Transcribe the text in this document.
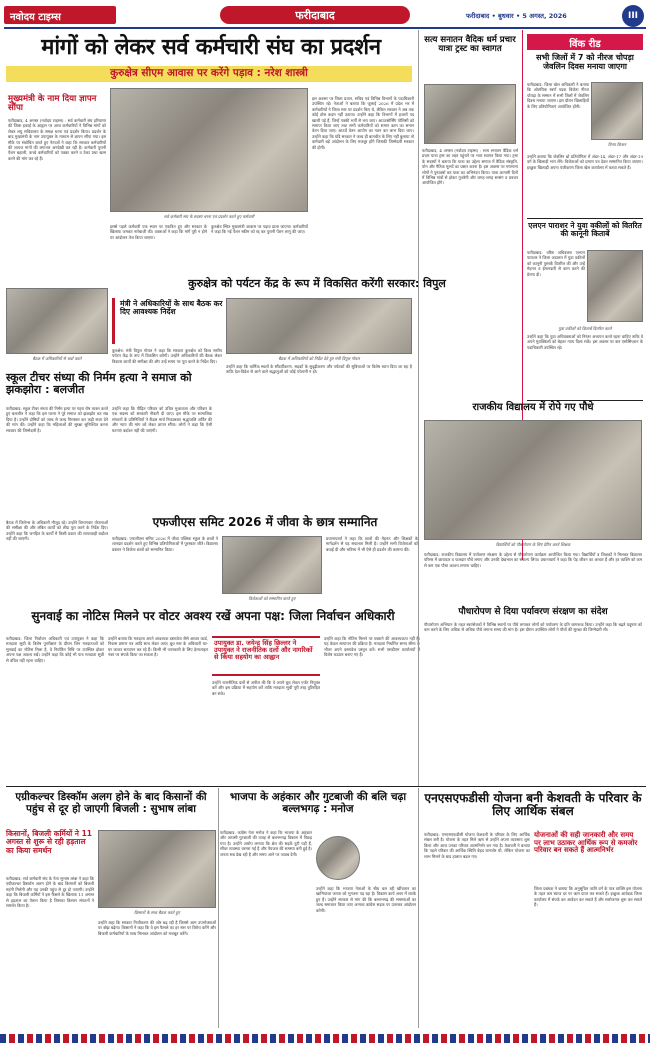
नवोदय टाइम्स	फरीदाबाद	फरीदाबाद • बुधवार • 5 अगस्त, 2026	III
मांगों को लेकर सर्व कर्मचारी संघ का प्रदर्शन
कुरुक्षेत्र सीएम आवास पर करेंगे पड़ाव : नरेश शास्त्री
मुख्यमंत्री के नाम दिया ज्ञापन सौंपा
फरीदाबाद, 4 अगस्त (नवोदय टाइम्स) : सर्व कर्मचारी संघ हरियाणा की जिला इकाई के आह्वान पर आज कर्मचारियों ने विभिन्न मांगों को लेकर लघु सचिवालय के समक्ष धरना एवं प्रदर्शन किया। प्रदर्शन के बाद मुख्यमंत्री के नाम उपायुक्त के माध्यम से ज्ञापन सौंपा गया। इस मौके पर संबोधित करते हुए नेताओं ने कहा कि सरकार कर्मचारियों की जायज मांगों की लगातार अनदेखी कर रही है। कर्मचारी पुरानी पेंशन बहाली, कच्चे कर्मचारियों को पक्का करने व ठेका प्रथा खत्म करने की मांग कर रहे हैं।
सर्व कर्मचारी संघ के सदस्य धरना एवं प्रदर्शन करते हुए कर्मचारी
इससे पहले कर्मचारी एक स्थान पर एकत्रित हुए और सरकार के खिलाफ जमकर नारेबाजी की। वक्ताओं ने कहा कि मांगें पूरी न होने पर आंदोलन तेज किया जाएगा।
कुरुक्षेत्र स्थित मुख्यमंत्री आवास पर पड़ाव डाला जाएगा। कर्मचारियों ने कहा कि नई पेंशन स्कीम को रद्द कर पुरानी पेंशन लागू की जाए।
इस अवसर पर जिला प्रधान, सचिव एवं विभिन्न विभागों के पदाधिकारी उपस्थित रहे। नेताओं ने बताया कि जुलाई 2026 में प्रदेश भर में कर्मचारियों ने जिला स्तर पर प्रदर्शन किए थे, लेकिन सरकार ने अब तक कोई ठोस कदम नहीं उठाया। उन्होंने कहा कि विभागों में हजारों पद खाली पड़े हैं, जिन्हें पक्की भर्ती से भरा जाए। आउटसोर्सिंग पॉलिसी को समाप्त किया जाए तथा सभी कर्मचारियों को समान काम का समान वेतन दिया जाए। आठवें वेतन आयोग का गठन कर लाभ दिया जाए। उन्होंने कहा कि यदि सरकार ने जल्द ही बातचीत के लिए नहीं बुलाया तो कर्मचारी बड़े आंदोलन के लिए मजबूर होंगे जिसकी जिम्मेदारी सरकार की होगी।
सत्य सनातन वैदिक धर्म प्रचार यात्रा ट्रस्ट का स्वागत
फरीदाबाद, 4 अगस्त (नवोदय टाइम्स) : सत्य सनातन वैदिक धर्म प्रचार यात्रा ट्रस्ट का शहर पहुंचने पर भव्य स्वागत किया गया। ट्रस्ट के सदस्यों ने बताया कि यात्रा का उद्देश्य समाज में वैदिक संस्कृति, योग और नैतिक मूल्यों का प्रसार करना है। इस अवसर पर गणमान्य लोगों ने पुष्पवर्षा कर यात्रा का अभिनंदन किया। यात्रा आगामी दिनों में विभिन्न गांवों से होकर गुजरेगी और जगह-जगह सत्संग व प्रवचन आयोजित होंगे।
विंक रीड
सभी जिलों में 7 को नीरज चोपड़ा जेवलिन दिवस मनाया जाएगा
फरीदाबाद: जिला खेल अधिकारी ने बताया कि ओलंपिक स्वर्ण पदक विजेता नीरज चोपड़ा के सम्मान में सभी जिलों में जेवलिन दिवस मनाया जाएगा। इस दौरान खिलाड़ियों के लिए प्रतियोगिताएं आयोजित होंगी।
विनय किशन
उन्होंने बताया कि जेवलिन थ्रो प्रतियोगिता में अंडर-14, अंडर-17 और अंडर-19 वर्ग के खिलाड़ी भाग लेंगे। विजेताओं को प्रमाण पत्र देकर सम्मानित किया जाएगा। इच्छुक खिलाड़ी अपना पंजीकरण जिला खेल कार्यालय में करवा सकते हैं।
एलएन पाराशर ने युवा वकीलों को वितरित की कानूनी किताबें
फरीदाबाद: वरिष्ठ अधिवक्ता एलएन पाराशर ने जिला अदालत में युवा वकीलों को कानूनी पुस्तकें वितरित कीं और उन्हें मेहनत व ईमानदारी से काम करने की प्रेरणा दी।
युवा वकीलों को किताबें वितरित करते
उन्होंने कहा कि युवा अधिवक्ताओं को निरंतर अध्ययन करते रहना चाहिए ताकि वे अपने मुवक्किलों को बेहतर न्याय दिला सकें। इस अवसर पर बार एसोसिएशन के पदाधिकारी उपस्थित रहे।
राजकीय विद्यालय में रोपे गए पौधे
विद्यार्थियों को पौधारोपण के लिए प्रेरित करते शिक्षक
फरीदाबाद: राजकीय विद्यालय में पर्यावरण संरक्षण के उद्देश्य से पौधारोपण कार्यक्रम आयोजित किया गया। विद्यार्थियों व शिक्षकों ने मिलकर विद्यालय परिसर में छायादार व फलदार पौधे लगाए और उनकी देखभाल का संकल्प लिया। प्रधानाचार्य ने कहा कि पेड़ जीवन का आधार हैं और हर व्यक्ति को कम से कम एक पौधा अवश्य लगाना चाहिए।
पौधारोपण से दिया पर्यावरण संरक्षण का संदेश
पौधारोपण अभियान के तहत स्वयंसेवकों ने विभिन्न स्थानों पर पौधे लगाकर लोगों को पर्यावरण के प्रति जागरूक किया। उन्होंने कहा कि बढ़ते प्रदूषण को कम करने के लिए अधिक से अधिक पौधे लगाना समय की मांग है। इस दौरान उपस्थित लोगों ने पौधों की सुरक्षा की जिम्मेदारी ली।
कुरुक्षेत्र को पर्यटन केंद्र के रूप में विकसित करेंगी सरकार: विपुल
मंत्री ने अधिकारियों के साथ बैठक कर दिए आवश्यक निर्देश
बैठक में अधिकारियों से चर्चा करते	बैठक में अधिकारियों को निर्देश देते हुए मंत्री विपुल गोयल
कुरुक्षेत्र: मंत्री विपुल गोयल ने कहा कि सरकार कुरुक्षेत्र को विश्व स्तरीय पर्यटन केंद्र के रूप में विकसित करेगी। उन्होंने अधिकारियों की बैठक लेकर विकास कार्यों की समीक्षा की और उन्हें समय पर पूरा करने के निर्देश दिए।
उन्होंने कहा कि धार्मिक स्थलों के सौंदर्यीकरण, सड़कों के सुदृढ़ीकरण और पर्यटकों की सुविधाओं पर विशेष ध्यान दिया जा रहा है ताकि देश-विदेश से आने वाले श्रद्धालुओं को कोई परेशानी न हो।
स्कूल टीचर संध्या की निर्मम हत्या ने समाज को झकझोरा : बलजीत
फरीदाबाद: स्कूल टीचर संध्या की निर्मम हत्या पर गहरा रोष व्यक्त करते हुए बलजीत ने कहा कि इस घटना ने पूरे समाज को झकझोर कर रख दिया है। उन्होंने दोषियों को जल्द से जल्द गिरफ्तार कर कड़ी सजा देने की मांग की। उन्होंने कहा कि महिलाओं की सुरक्षा सुनिश्चित करना सरकार की जिम्मेदारी है।
उन्होंने कहा कि पीड़ित परिवार को उचित मुआवजा और परिवार के एक सदस्य को सरकारी नौकरी दी जाए। इस मौके पर सामाजिक संगठनों के प्रतिनिधियों ने कैंडल मार्च निकालकर श्रद्धांजलि अर्पित की और न्याय की मांग को लेकर ज्ञापन सौंपा। लोगों ने कहा कि ऐसी घटनाएं बर्दाश्त नहीं की जाएंगी।
एफजीएस समिट 2026 में जीवा के छात्र सम्मानित
फरीदाबाद: एफजीएस समिट 2026 में जीवा पब्लिक स्कूल के छात्रों ने शानदार प्रदर्शन करते हुए विभिन्न प्रतियोगिताओं में पुरस्कार जीते। विद्यालय प्रबंधन ने विजेता छात्रों को सम्मानित किया।
विजेताओं को सम्मानित करते हुए
प्रधानाचार्या ने कहा कि छात्रों की मेहनत और शिक्षकों के मार्गदर्शन से यह सफलता मिली है। उन्होंने सभी विजेताओं को बधाई दी और भविष्य में भी ऐसे ही प्रदर्शन की कामना की।
बैठक में जिलेभर के अधिकारी मौजूद रहे। उन्होंने विभागवार योजनाओं की समीक्षा की और लंबित कार्यों को शीघ्र पूरा करने के निर्देश दिए। उन्होंने कहा कि जनहित के कार्यों में किसी प्रकार की लापरवाही बर्दाश्त नहीं की जाएगी।
सुनवाई का नोटिस मिलने पर वोटर अवश्य रखें अपना पक्ष: जिला निर्वाचन अधिकारी
फरीदाबाद: जिला निर्वाचन अधिकारी एवं उपायुक्त ने कहा कि मतदाता सूची के विशेष पुनरीक्षण के दौरान जिन मतदाताओं को सुनवाई का नोटिस मिला है, वे निर्धारित तिथि पर उपस्थित होकर अपना पक्ष अवश्य रखें। उन्होंने कहा कि कोई भी पात्र मतदाता सूची से वंचित नहीं रहना चाहिए।
उन्होंने बताया कि मतदाता अपने आवश्यक दस्तावेज जैसे आधार कार्ड, निवास प्रमाण पत्र आदि साथ लेकर आएं। बूथ स्तर के अधिकारी घर-घर जाकर सत्यापन कर रहे हैं। किसी भी जानकारी के लिए हेल्पलाइन नंबर पर संपर्क किया जा सकता है।
उपायुक्त डा. जयेन्द्र सिंह छिल्लर ने उपायुक्त ने राजनीतिक दलों और नागरिकों से किया सहयोग का आह्वान
उन्होंने राजनीतिक दलों से अपील की कि वे अपने बूथ लेवल एजेंट नियुक्त करें और इस प्रक्रिया में सहयोग करें ताकि मतदाता सूची पूरी तरह त्रुटिरहित बन सके।
उन्होंने कहा कि नोटिस मिलने पर घबराने की आवश्यकता नहीं है। यह केवल सत्यापन की प्रक्रिया है। मतदाता निर्धारित समय सीमा के भीतर अपने दस्तावेज प्रस्तुत करें। सभी एसडीएम कार्यालयों में विशेष काउंटर बनाए गए हैं।
एग्रीकल्चर डिस्कॉम अलग होने के बाद किसानों की पहुंच से दूर हो जाएगी बिजली : सुभाष लांबा
किसानों, बिजली कर्मियों ने 11 अगस्त से शुरू से रही हड़ताल का किया समर्थन
किसानों के साथ बैठक करते हुए
फरीदाबाद: सर्व कर्मचारी संघ के नेता सुभाष लांबा ने कहा कि एग्रीकल्चर डिस्कॉम अलग होने के बाद किसानों को बिजली महंगी मिलेगी और यह उनकी पहुंच से दूर हो जाएगी। उन्होंने कहा कि बिजली कर्मियों ने इस फैसले के खिलाफ 11 अगस्त से हड़ताल का ऐलान किया है जिसका किसान संगठनों ने समर्थन किया है।
उन्होंने कहा कि सरकार निजीकरण की ओर बढ़ रही है जिससे आम उपभोक्ताओं पर बोझ बढ़ेगा। किसानों ने कहा कि वे इस फैसले का हर स्तर पर विरोध करेंगे और बिजली कर्मचारियों के साथ मिलकर आंदोलन को मजबूत करेंगे।
भाजपा के अहंकार और गुटबाजी की बलि चढ़ा बल्लभगढ़ : मनोज
फरीदाबाद: कांग्रेस नेता मनोज ने कहा कि भाजपा के अहंकार और आपसी गुटबाजी की वजह से बल्लभगढ़ विकास में पिछड़ गया है। उन्होंने आरोप लगाया कि क्षेत्र की सड़कें टूटी पड़ी हैं, सीवर व्यवस्था चरमरा गई है और पेयजल की समस्या बनी हुई है। जनता सब देख रही है और समय आने पर जवाब देगी।
उन्होंने कहा कि भाजपा नेताओं के बीच चल रही खींचतान का खामियाजा जनता को भुगतना पड़ रहा है। विकास कार्य अधर में लटके हुए हैं। उन्होंने सरकार से मांग की कि बल्लभगढ़ की समस्याओं का जल्द समाधान किया जाए अन्यथा कांग्रेस सड़क पर उतरकर आंदोलन करेगी।
एनएसएफडीसी योजना बनी केशवती के परिवार के लिए आर्थिक संबल
फरीदाबाद: एनएसएफडीसी योजना केशवती के परिवार के लिए आर्थिक संबल बनी है। योजना के तहत मिले ऋण से उन्होंने अपना व्यवसाय शुरू किया और आज उनका परिवार आत्मनिर्भर बन गया है। केशवती ने बताया कि पहले परिवार की आर्थिक स्थिति बेहद कमजोर थी, लेकिन योजना का लाभ मिलने के बाद हालात बदल गए।
योजनाओं की सही जानकारी और समय पर लाभ उठाकर आर्थिक रूप से कमजोर परिवार बन सकते हैं आत्मनिर्भर
जिला प्रबंधक ने बताया कि अनुसूचित जाति वर्ग के पात्र व्यक्ति इस योजना के तहत कम ब्याज दर पर ऋण प्राप्त कर सकते हैं। इच्छुक आवेदक जिला कार्यालय में संपर्क कर आवेदन कर सकते हैं और स्वरोजगार शुरू कर सकते हैं।
